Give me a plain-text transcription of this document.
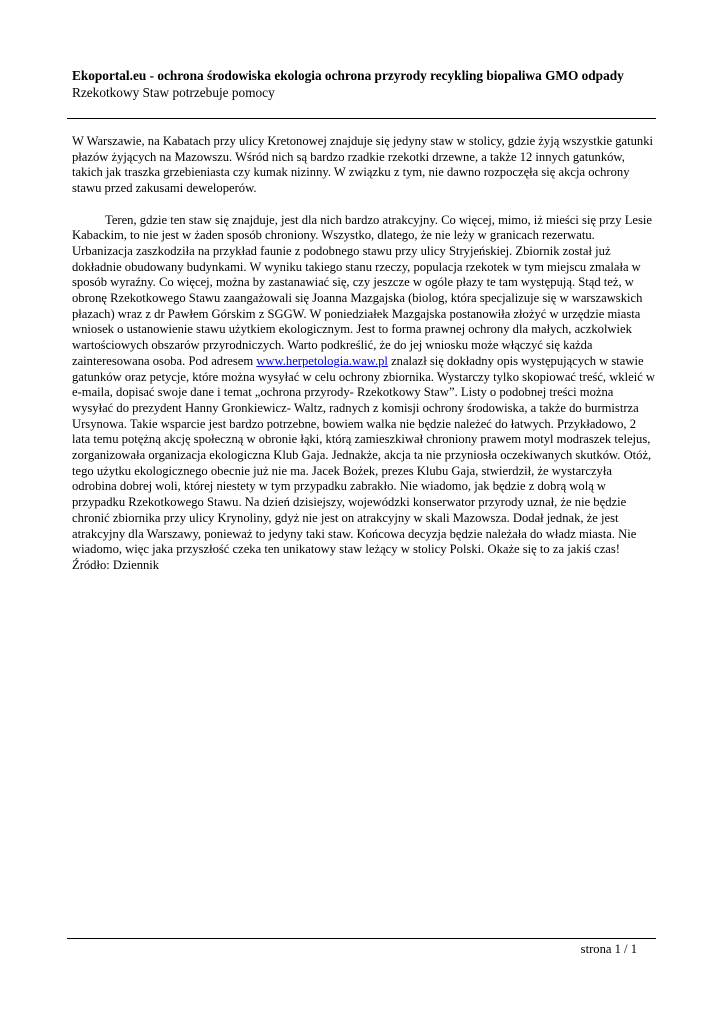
Ekoportal.eu - ochrona środowiska ekologia ochrona przyrody recykling biopaliwa GMO odpady

Rzekotkowy Staw potrzebuje pomocy

W Warszawie, na Kabatach przy ulicy Kretonowej znajduje się jedyny staw w stolicy, gdzie żyją wszystkie gatunki płazów żyjących na Mazowszu. Wśród nich są bardzo rzadkie rzekotki drzewne, a także 12 innych gatunków, takich jak traszka grzebieniasta czy kumak nizinny. W związku z tym, nie dawno rozpoczęła się akcja ochrony stawu przed zakusami deweloperów.

Teren, gdzie ten staw się znajduje, jest dla nich bardzo atrakcyjny. Co więcej, mimo, iż mieści się przy Lesie Kabackim, to nie jest w żaden sposób chroniony. Wszystko, dlatego, że nie leży w granicach rezerwatu. Urbanizacja zaszkodziła na przykład faunie z podobnego stawu przy ulicy Stryjeńskiej. Zbiornik został już dokładnie obudowany budynkami. W wyniku takiego stanu rzeczy, populacja rzekotek w tym miejscu zmalała w sposób wyraźny. Co więcej, można by zastanawiać się, czy jeszcze w ogóle płazy te tam występują. Stąd też, w obronę Rzekotkowego Stawu zaangażowali się Joanna Mazgajska (biolog, która specjalizuje się w warszawskich płazach) wraz z dr Pawłem Górskim z SGGW. W poniedziałek Mazgajska postanowiła złożyć w urzędzie miasta wniosek o ustanowienie stawu użytkiem ekologicznym. Jest to forma prawnej ochrony dla małych, aczkolwiek wartościowych obszarów przyrodniczych. Warto podkreślić, że do jej wniosku może włączyć się każda zainteresowana osoba. Pod adresem www.herpetologia.waw.pl znalazł się dokładny opis występujących w stawie gatunków oraz petycje, które można wysyłać w celu ochrony zbiornika. Wystarczy tylko skopiować treść, wkleić w e-maila, dopisać swoje dane i temat „ochrona przyrody- Rzekotkowy Staw”. Listy o podobnej treści można wysyłać do prezydent Hanny Gronkiewicz- Waltz, radnych z komisji ochrony środowiska, a także do burmistrza Ursynowa. Takie wsparcie jest bardzo potrzebne, bowiem walka nie będzie należeć do łatwych. Przykładowo, 2 lata temu potężną akcję społeczną w obronie łąki, którą zamieszkiwał chroniony prawem motyl modraszek telejus, zorganizowała organizacja ekologiczna Klub Gaja. Jednakże, akcja ta nie przyniosła oczekiwanych skutków. Otóż, tego użytku ekologicznego obecnie już nie ma. Jacek Bożek, prezes Klubu Gaja, stwierdził, że wystarczyła odrobina dobrej woli, której niestety w tym przypadku zabrakło. Nie wiadomo, jak będzie z dobrą wolą w przypadku Rzekotkowego Stawu. Na dzień dzisiejszy, wojewódzki konserwator przyrody uznał, że nie będzie chronić zbiornika przy ulicy Krynoliny, gdyż nie jest on atrakcyjny w skali Mazowsza. Dodał jednak, że jest atrakcyjny dla Warszawy, ponieważ to jedyny taki staw. Końcowa decyzja będzie należała do władz miasta. Nie wiadomo, więc jaka przyszłość czeka ten unikatowy staw leżący w stolicy Polski. Okaże się to za jakiś czas! Źródło: Dziennik

strona 1 / 1
